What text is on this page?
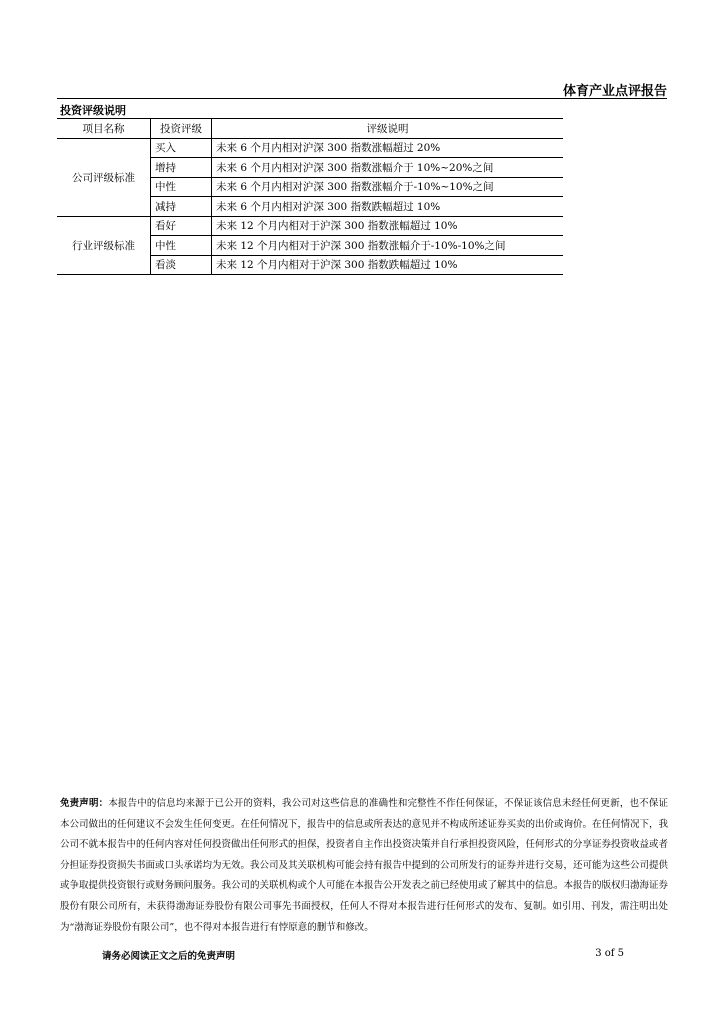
体育产业点评报告
投资评级说明
项目名称	投资评级	评级说明
公司评级标准	买入	未来 6 个月内相对沪深 300 指数涨幅超过 20%
	增持	未来 6 个月内相对沪深 300 指数涨幅介于 10%~20%之间
	中性	未来 6 个月内相对沪深 300 指数涨幅介于-10%~10%之间
	减持	未来 6 个月内相对沪深 300 指数跌幅超过 10%
行业评级标准	看好	未来 12 个月内相对于沪深 300 指数涨幅超过 10%
	中性	未来 12 个月内相对于沪深 300 指数涨幅介于-10%-10%之间
	看淡	未来 12 个月内相对于沪深 300 指数跌幅超过 10%
免责声明：本报告中的信息均来源于已公开的资料，我公司对这些信息的准确性和完整性不作任何保证，不保证该信息未经任何更新，也不保证本公司做出的任何建议不会发生任何变更。在任何情况下，报告中的信息或所表达的意见并不构成所述证券买卖的出价或询价。在任何情况下，我公司不就本报告中的任何内容对任何投资做出任何形式的担保，投资者自主作出投资决策并自行承担投资风险，任何形式的分享证券投资收益或者分担证券投资损失书面或口头承诺均为无效。我公司及其关联机构可能会持有报告中提到的公司所发行的证券并进行交易，还可能为这些公司提供或争取提供投资银行或财务顾问服务。我公司的关联机构或个人可能在本报告公开发表之前已经使用或了解其中的信息。本报告的版权归渤海证券股份有限公司所有，未获得渤海证券股份有限公司事先书面授权，任何人不得对本报告进行任何形式的发布、复制。如引用、刊发，需注明出处为“渤海证券股份有限公司”，也不得对本报告进行有悖原意的删节和修改。
请务必阅读正文之后的免责声明	3 of 5
